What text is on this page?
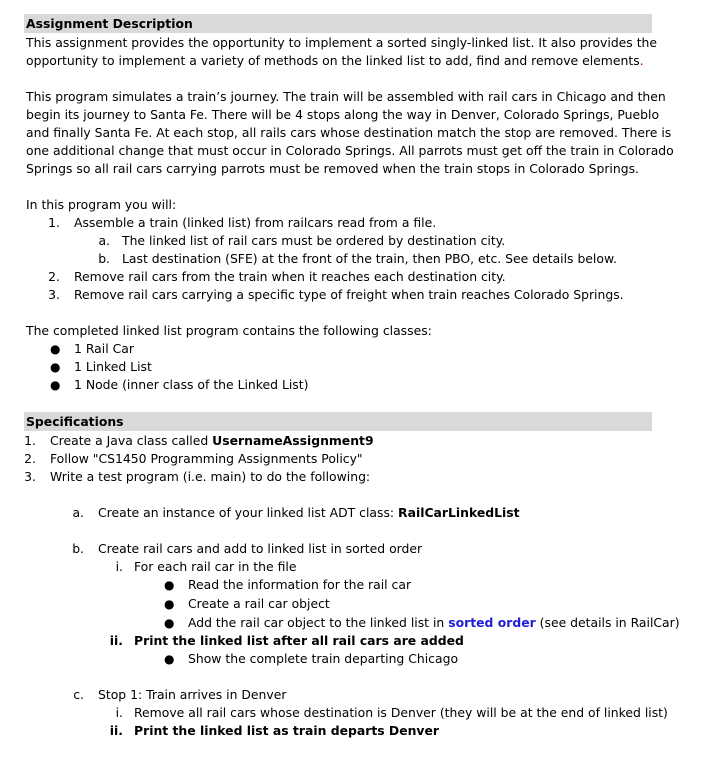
Assignment Description
This assignment provides the opportunity to implement a sorted singly-linked list. It also provides the
opportunity to implement a variety of methods on the linked list to add, find and remove elements.
This program simulates a train’s journey. The train will be assembled with rail cars in Chicago and then
begin its journey to Santa Fe. There will be 4 stops along the way in Denver, Colorado Springs, Pueblo
and finally Santa Fe. At each stop, all rails cars whose destination match the stop are removed. There is
one additional change that must occur in Colorado Springs. All parrots must get off the train in Colorado
Springs so all rail cars carrying parrots must be removed when the train stops in Colorado Springs.
In this program you will:
1. Assemble a train (linked list) from railcars read from a file.
a. The linked list of rail cars must be ordered by destination city.
b. Last destination (SFE) at the front of the train, then PBO, etc. See details below.
2. Remove rail cars from the train when it reaches each destination city.
3. Remove rail cars carrying a specific type of freight when train reaches Colorado Springs.
The completed linked list program contains the following classes:
● 1 Rail Car
● 1 Linked List
● 1 Node (inner class of the Linked List)
Specifications
1. Create a Java class called UsernameAssignment9
2. Follow "CS1450 Programming Assignments Policy"
3. Write a test program (i.e. main) to do the following:
a. Create an instance of your linked list ADT class: RailCarLinkedList
b. Create rail cars and add to linked list in sorted order
i. For each rail car in the file
● Read the information for the rail car
● Create a rail car object
● Add the rail car object to the linked list in sorted order (see details in RailCar)
ii. Print the linked list after all rail cars are added
● Show the complete train departing Chicago
c. Stop 1: Train arrives in Denver
i. Remove all rail cars whose destination is Denver (they will be at the end of linked list)
ii. Print the linked list as train departs Denver
